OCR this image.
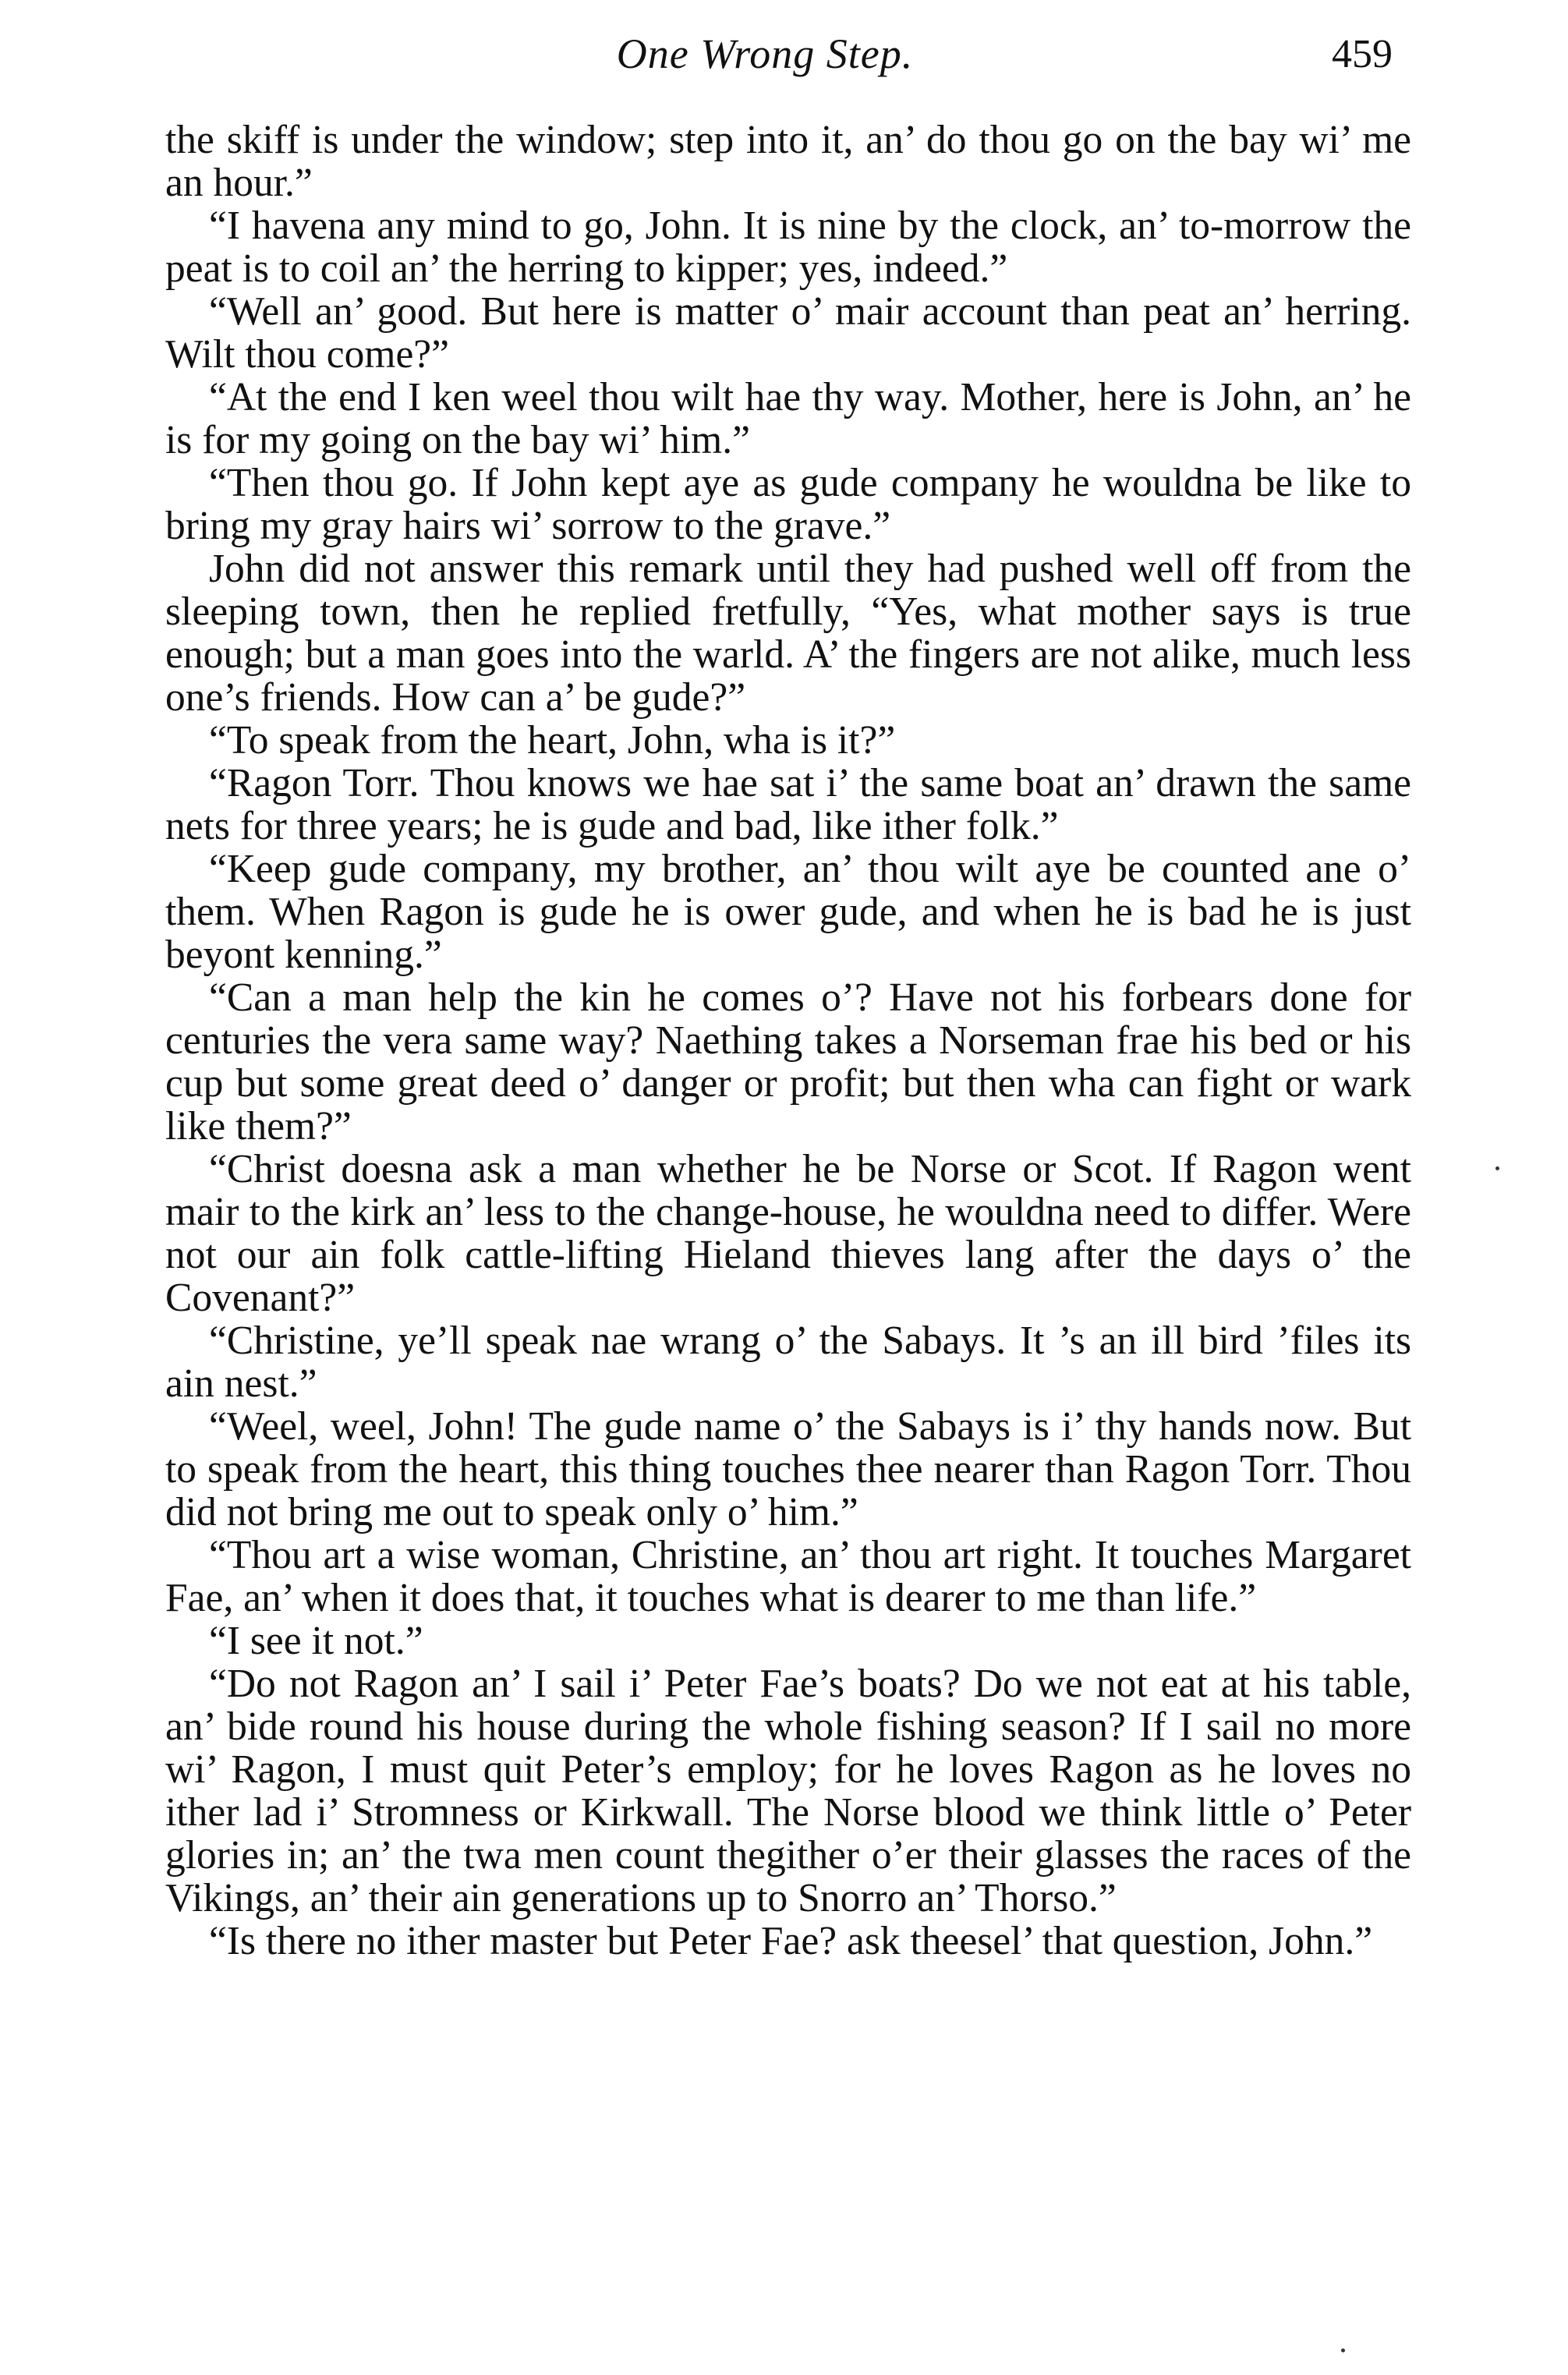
One Wrong Step.	459

the skiff is under the window; step into it, an’ do thou go on the bay wi’ me an hour.”

“I havena any mind to go, John. It is nine by the clock, an’ to-morrow the peat is to coil an’ the herring to kipper; yes, indeed.”

“Well an’ good. But here is matter o’ mair account than peat an’ herring. Wilt thou come?”

“At the end I ken weel thou wilt hae thy way. Mother, here is John, an’ he is for my going on the bay wi’ him.”

“Then thou go. If John kept aye as gude company he wouldna be like to bring my gray hairs wi’ sorrow to the grave.”

John did not answer this remark until they had pushed well off from the sleeping town, then he replied fretfully, “Yes, what mother says is true enough; but a man goes into the warld. A’ the fingers are not alike, much less one’s friends. How can a’ be gude?”

“To speak from the heart, John, wha is it?”

“Ragon Torr. Thou knows we hae sat i’ the same boat an’ drawn the same nets for three years; he is gude and bad, like ither folk.”

“Keep gude company, my brother, an’ thou wilt aye be counted ane o’ them. When Ragon is gude he is ower gude, and when he is bad he is just beyont kenning.”

“Can a man help the kin he comes o’? Have not his forbears done for centuries the vera same way? Naething takes a Norseman frae his bed or his cup but some great deed o’ danger or profit; but then wha can fight or wark like them?”

“Christ doesna ask a man whether he be Norse or Scot. If Ragon went mair to the kirk an’ less to the change-house, he wouldna need to differ. Were not our ain folk cattle-lifting Hieland thieves lang after the days o’ the Covenant?”

“Christine, ye’ll speak nae wrang o’ the Sabays. It ’s an ill bird ’files its ain nest.”

“Weel, weel, John! The gude name o’ the Sabays is i’ thy hands now. But to speak from the heart, this thing touches thee nearer than Ragon Torr. Thou did not bring me out to speak only o’ him.”

“Thou art a wise woman, Christine, an’ thou art right. It touches Margaret Fae, an’ when it does that, it touches what is dearer to me than life.”

“I see it not.”

“Do not Ragon an’ I sail i’ Peter Fae’s boats? Do we not eat at his table, an’ bide round his house during the whole fishing season? If I sail no more wi’ Ragon, I must quit Peter’s employ; for he loves Ragon as he loves no ither lad i’ Stromness or Kirkwall. The Norse blood we think little o’ Peter glories in; an’ the twa men count thegither o’er their glasses the races of the Vikings, an’ their ain generations up to Snorro an’ Thorso.”

“Is there no ither master but Peter Fae? ask theesel’ that question, John.”
